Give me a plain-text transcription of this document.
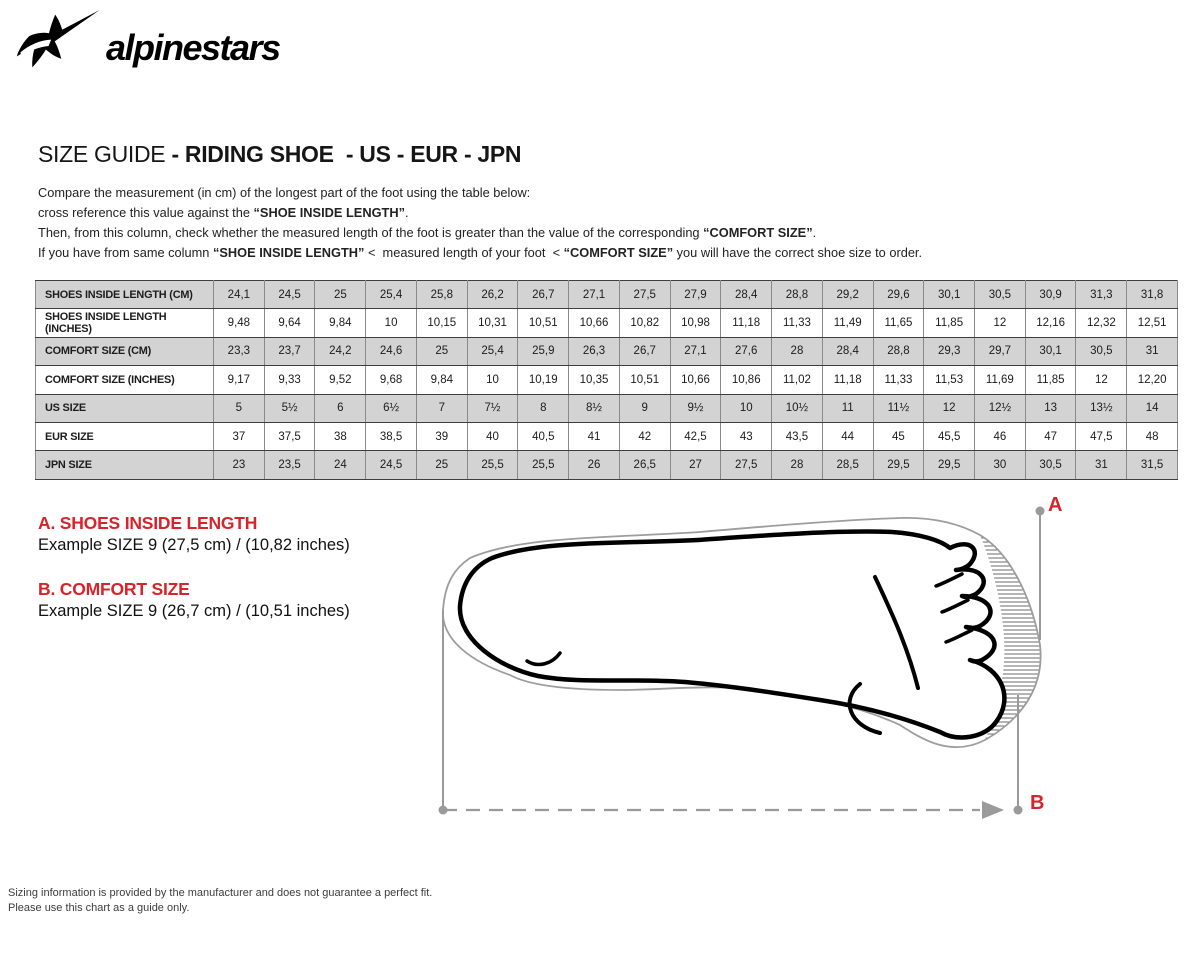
alpinestars
SIZE GUIDE - RIDING SHOE  - US - EUR - JPN
Compare the measurement (in cm) of the longest part of the foot using the table below:
cross reference this value against the “SHOE INSIDE LENGTH”.
Then, from this column, check whether the measured length of the foot is greater than the value of the corresponding “COMFORT SIZE”.
If you have from same column “SHOE INSIDE LENGTH” <  measured length of your foot  < “COMFORT SIZE” you will have the correct shoe size to order.
SHOES INSIDE LENGTH (CM)	24,1	24,5	25	25,4	25,8	26,2	26,7	27,1	27,5	27,9	28,4	28,8	29,2	29,6	30,1	30,5	30,9	31,3	31,8
SHOES INSIDE LENGTH (INCHES)	9,48	9,64	9,84	10	10,15	10,31	10,51	10,66	10,82	10,98	11,18	11,33	11,49	11,65	11,85	12	12,16	12,32	12,51
COMFORT SIZE (CM)	23,3	23,7	24,2	24,6	25	25,4	25,9	26,3	26,7	27,1	27,6	28	28,4	28,8	29,3	29,7	30,1	30,5	31
COMFORT SIZE (INCHES)	9,17	9,33	9,52	9,68	9,84	10	10,19	10,35	10,51	10,66	10,86	11,02	11,18	11,33	11,53	11,69	11,85	12	12,20
US SIZE	5	5½	6	6½	7	7½	8	8½	9	9½	10	10½	11	11½	12	12½	13	13½	14
EUR SIZE	37	37,5	38	38,5	39	40	40,5	41	42	42,5	43	43,5	44	45	45,5	46	47	47,5	48
JPN SIZE	23	23,5	24	24,5	25	25,5	25,5	26	26,5	27	27,5	28	28,5	29,5	29,5	30	30,5	31	31,5
A. SHOES INSIDE LENGTH
Example SIZE 9 (27,5 cm) / (10,82 inches)
B. COMFORT SIZE
Example SIZE 9 (26,7 cm) / (10,51 inches)
A
B
Sizing information is provided by the manufacturer and does not guarantee a perfect fit.
Please use this chart as a guide only.
